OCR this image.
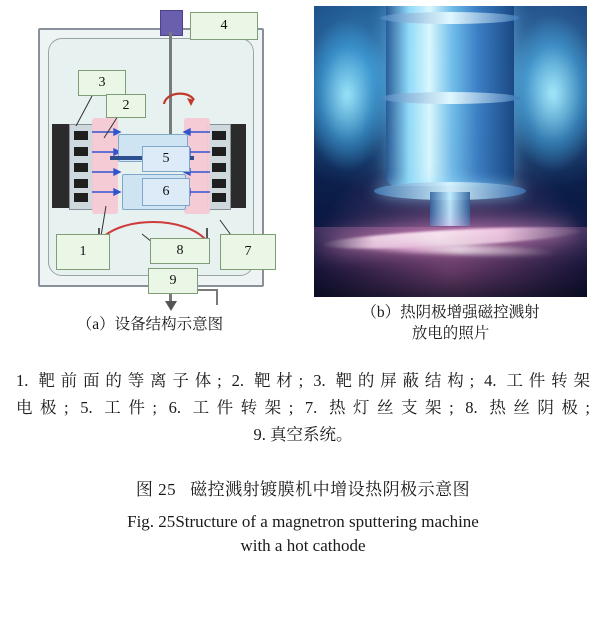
4
3
2
5
6
1	8	7
9
（a）设备结构示意图
（b）热阴极增强磁控溅射
放电的照片
1. 靶前面的等离子体; 2. 靶材; 3. 靶的屏蔽结构; 4. 工件转架
电极; 5. 工件; 6. 工件转架; 7. 热灯丝支架; 8. 热丝阴极;
9. 真空系统。
图 25 磁控溅射镀膜机中增设热阴极示意图
Fig. 25Structure of a magnetron sputtering machine
with a hot cathode
